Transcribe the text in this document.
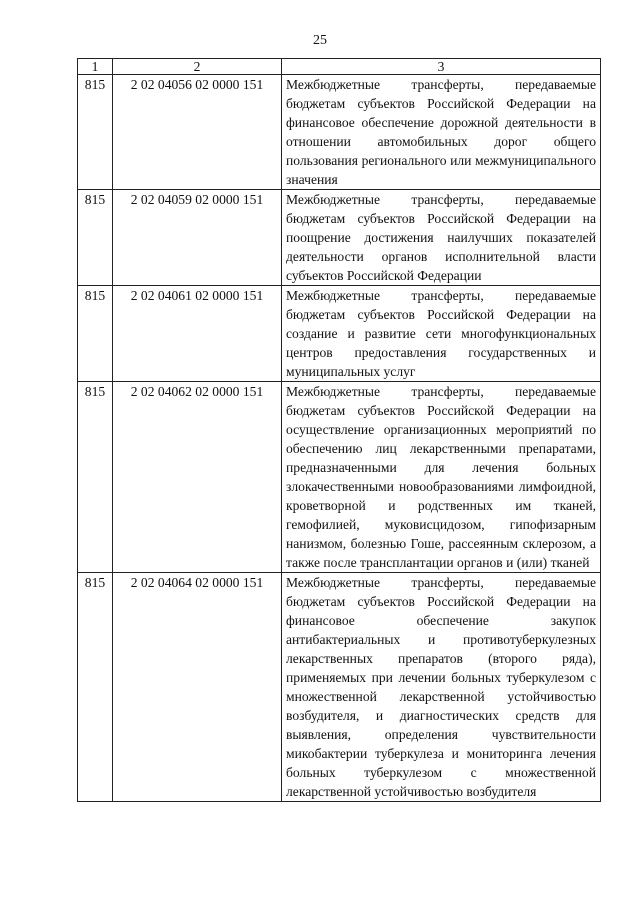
25
1	2	3
815	2 02 04056 02 0000 151	Межбюджетные трансферты, передаваемые бюджетам субъектов Российской Федерации на финансовое обеспечение дорожной деятельности в отношении автомобильных дорог общего пользования регионального или межмуниципального значения
815	2 02 04059 02 0000 151	Межбюджетные трансферты, передаваемые бюджетам субъектов Российской Федерации на поощрение достижения наилучших показателей деятельности органов исполнительной власти субъектов Российской Федерации
815	2 02 04061 02 0000 151	Межбюджетные трансферты, передаваемые бюджетам субъектов Российской Федерации на создание и развитие сети многофункциональных центров предоставления государственных и муниципальных услуг
815	2 02 04062 02 0000 151	Межбюджетные трансферты, передаваемые бюджетам субъектов Российской Федерации на осуществление организационных мероприятий по обеспечению лиц лекарственными препаратами, предназначенными для лечения больных злокачественными новообразованиями лимфоидной, кроветворной и родственных им тканей, гемофилией, муковисцидозом, гипофизарным нанизмом, болезнью Гоше, рассеянным склерозом, а также после трансплантации органов и (или) тканей
815	2 02 04064 02 0000 151	Межбюджетные трансферты, передаваемые бюджетам субъектов Российской Федерации на финансовое обеспечение закупок антибактериальных и противотуберкулезных лекарственных препаратов (второго ряда), применяемых при лечении больных туберкулезом с множественной лекарственной устойчивостью возбудителя, и диагностических средств для выявления, определения чувствительности микобактерии туберкулеза и мониторинга лечения больных туберкулезом с множественной лекарственной устойчивостью возбудителя
